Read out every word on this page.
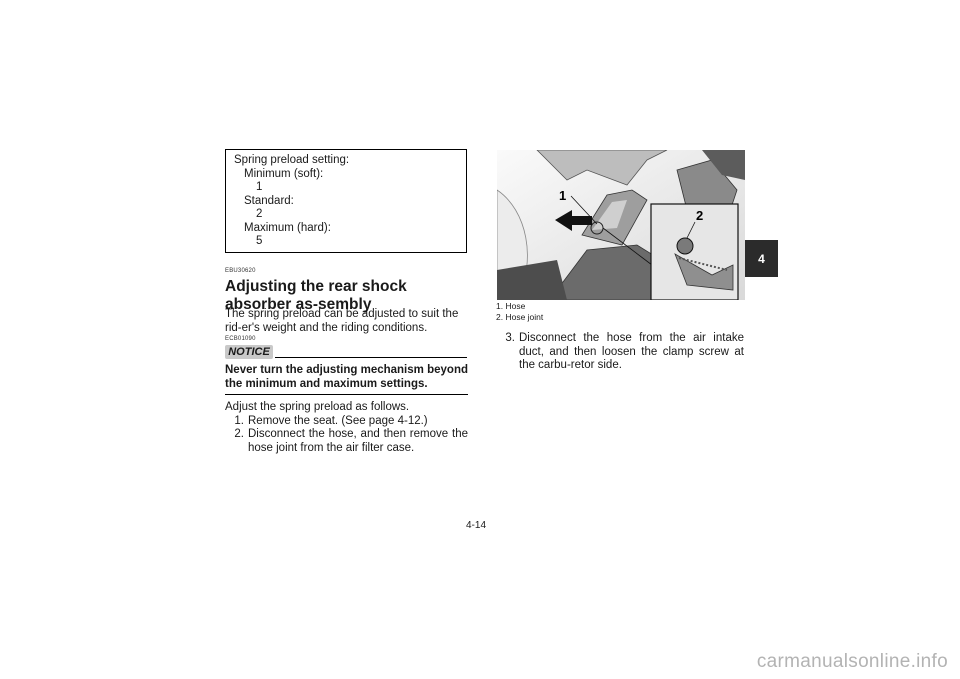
Spring preload setting:
Minimum (soft):
1
Standard:
2
Maximum (hard):
5
EBU30620
Adjusting the rear shock absorber as-sembly
The spring preload can be adjusted to suit the rid-er's weight and the riding conditions.
ECB01090
NOTICE
Never turn the adjusting mechanism beyond the minimum and maximum settings.
Adjust the spring preload as follows.
1. Remove the seat. (See page 4-12.)
2. Disconnect the hose, and then remove the hose joint from the air filter case.
1
2
1. Hose
2. Hose joint
3. Disconnect the hose from the air intake duct, and then loosen the clamp screw at the carbu-retor side.
4
4-14
carmanualsonline.info
